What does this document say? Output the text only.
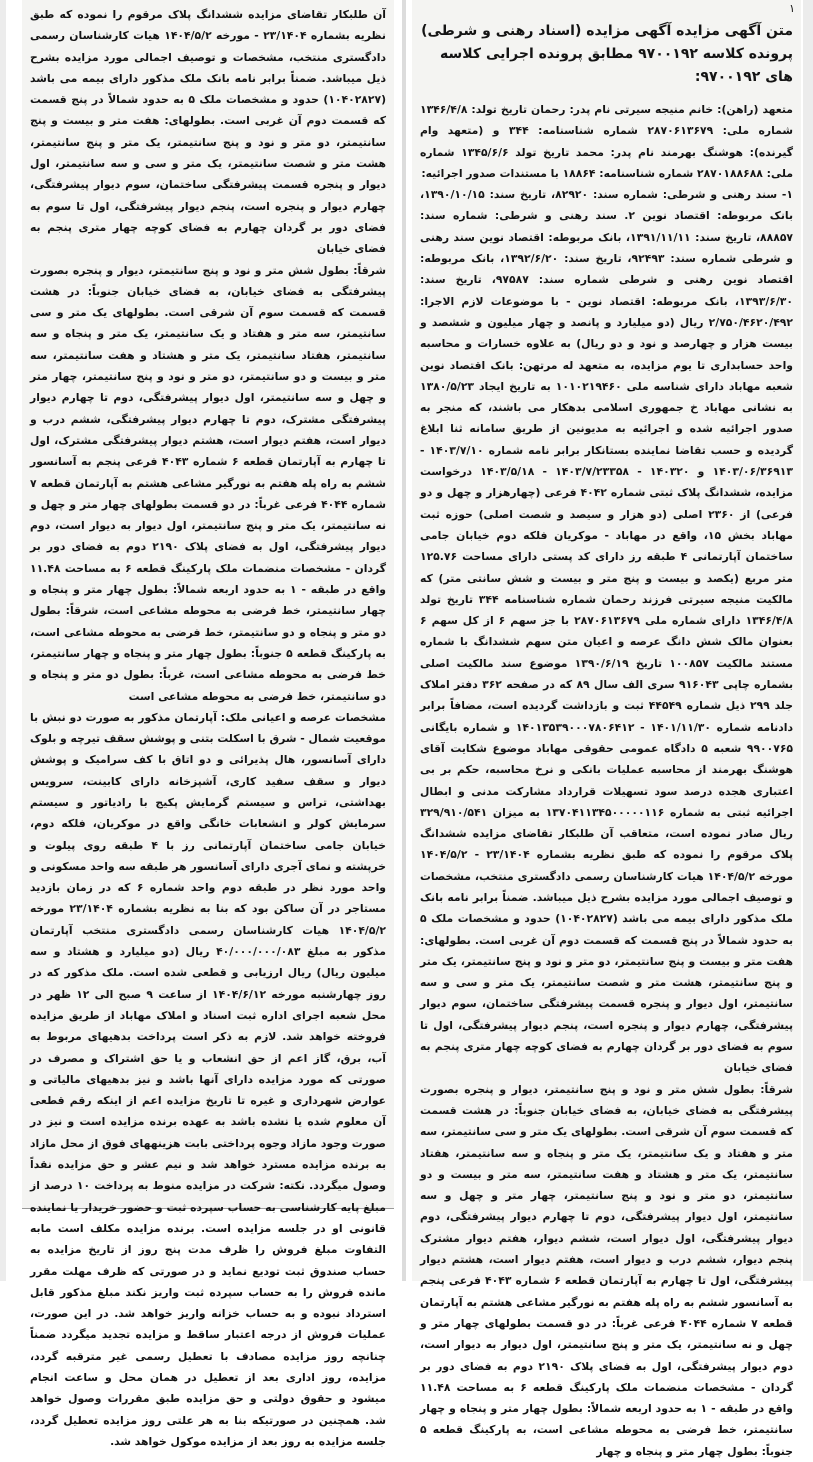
۱
متن آگهی مزایده آگهی مزایده (اسناد رهنی و شرطی) پرونده کلاسه ۹۷۰۰۱۹۲ مطابق پرونده اجرایی کلاسه های ۹۷۰۰۱۹۲:

متعهد (راهن): خانم منیجه سیرتی نام پدر: رحمان تاریخ تولد: ۱۳۴۶/۴/۸ شماره ملی: ۲۸۷۰۶۱۳۶۷۹ شماره شناسنامه: ۳۴۴ و (متعهد وام گیرنده): هوشنگ بهرمند نام پدر: محمد تاریخ تولد ۱۳۴۵/۶/۶ شماره ملی: ۲۸۷۰۱۸۸۶۸۸ شماره شناسنامه: ۱۸۸۶۴ با مستندات صدور اجرائیه:

۱- سند رهنی و شرطی: شماره سند: ۸۲۹۲۰، تاریخ سند: ۱۳۹۰/۱۰/۱۵، بانک مربوطه: اقتصاد نوین ۲. سند رهنی و شرطی: شماره سند: ۸۸۸۵۷، تاریخ سند: ۱۳۹۱/۱۱/۱۱، بانک مربوطه: اقتصاد نوین سند رهنی و شرطی شماره سند: ۹۲۴۹۳، تاریخ سند: ۱۳۹۲/۶/۲۰، بانک مربوطه: اقتصاد نوین رهنی و شرطی شماره سند: ۹۷۵۸۷، تاریخ سند: ۱۳۹۳/۶/۳۰، بانک مربوطه: اقتصاد نوین - با موضوعات لازم الاجرا: ۲/۷۵۰/۴۶۲۰/۴۹۲ ریال (دو میلیارد و پانصد و چهار میلیون و ششصد و بیست هزار و چهارصد و نود و دو ریال) به علاوه خسارات و محاسبه واحد حسابداری تا یوم مزایده، به متعهد له مرتهن: بانک اقتصاد نوین شعبه مهاباد دارای شناسه ملی ۱۰۱۰۲۱۹۴۶۰ به تاریخ ایجاد ۱۳۸۰/۵/۲۳ به نشانی مهاباد خ جمهوری اسلامی بدهکار می باشند، که منجر به صدور اجرائیه شده و اجرائیه به مدیونین از طریق سامانه ثنا ابلاغ گردیده و حسب تقاضا نماینده بستانکار برابر نامه شماره ۱۴۰۳/۷/۱۰ - ۱۴۰۳/۰۶/۳۶۹۱۳ و ۱۴۰۳۲۰ - ۱۴۰۳/۷/۲۳۳۵۸ - ۱۴۰۳/۵/۱۸ درخواست مزایده، ششدانگ پلاک ثبتی شماره ۴۰۴۲ فرعی (چهارهزار و چهل و دو فرعی) از ۲۳۶۰ اصلی (دو هزار و سیصد و شصت اصلی) حوزه ثبت مهاباد بخش ۱۵، واقع در مهاباد - موکریان فلکه دوم خیابان جامی ساختمان آپارتمانی ۴ طبقه رز دارای کد پستی دارای مساحت ۱۲۵.۷۶ متر مربع (یکصد و بیست و پنج متر و بیست و شش سانتی متر) که مالکیت منیجه سیرتی فرزند رحمان شماره شناسنامه ۳۴۴ تاریخ تولد ۱۳۴۶/۴/۸ دارای شماره ملی ۲۸۷۰۶۱۳۶۷۹ با جز سهم ۶ از کل سهم ۶ بعنوان مالک شش دانگ عرصه و اعیان متن سهم ششدانگ با شماره مستند مالکیت ۱۰۰۸۵۷ تاریخ ۱۳۹۰/۶/۱۹ موضوع سند مالکیت اصلی بشماره چاپی ۹۱۶۰۴۳ سری الف سال ۸۹ که در صفحه ۳۶۲ دفتر املاک جلد ۲۹۹ ذیل شماره ۴۴۵۴۹ ثبت و بازداشت گردیده است، مضافاً برابر دادنامه شماره ۱۴۰۱/۱۱/۳۰ - ۱۴۰۱۳۵۳۹۰۰۰۷۸۰۶۴۱۲ و شماره بایگانی ۹۹۰۰۷۶۵ شعبه ۵ دادگاه عمومی حقوقی مهاباد موضوع شکایت آقای هوشنگ بهرمند از محاسبه عملیات بانکی و نرخ محاسبه، حکم بر بی اعتباری هجده درصد سود تسهیلات قرارداد مشارکت مدنی و ابطال اجرائیه ثبتی به شماره ۱۳۷۰۴۱۱۳۴۵۰۰۰۰۰۱۱۶ به میزان ۳۲۹/۹۱۰/۵۴۱ ریال صادر نموده است، متعاقب آن طلبکار تقاضای مزایده ششدانگ پلاک مرقوم را نموده که طبق نظریه بشماره ۲۳/۱۴۰۴ - ۱۴۰۴/۵/۲ مورخه ۱۴۰۴/۵/۲ هیات کارشناسان رسمی دادگستری منتخب، مشخصات و توصیف اجمالی مورد مزایده بشرح ذیل میباشد. ضمناً برابر نامه بانک ملک مذکور دارای بیمه می باشد (۱۰۴۰۲۸۲۷) حدود و مشخصات ملک ۵ به حدود شمالاً در پنج قسمت که قسمت دوم آن غربی است. بطولهای: هفت متر و بیست و پنج سانتیمتر، دو متر و نود و پنج سانتیمتر، یک متر و پنج سانتیمتر، هشت متر و شصت سانتیمتر، یک متر و سی و سه سانتیمتر، اول دیوار و پنجره قسمت پیشرفتگی ساختمان، سوم دیوار پیشرفتگی، چهارم دیوار و پنجره است، پنجم دیوار پیشرفتگی، اول تا سوم به فضای دور بر گردان چهارم به فضای کوچه چهار متری پنجم به فضای خیابان

شرقاً: بطول شش متر و نود و پنج سانتیمتر، دیوار و پنجره بصورت پیشرفتگی به فضای خیابان، به فضای خیابان جنوباً: در هشت قسمت که قسمت سوم آن شرقی است. بطولهای یک متر و سی سانتیمتر، سه متر و هفتاد و یک سانتیمتر، یک متر و پنجاه و سه سانتیمتر، هفتاد سانتیمتر، یک متر و هشتاد و هفت سانتیمتر، سه متر و بیست و دو سانتیمتر، دو متر و نود و پنج سانتیمتر، چهار متر و چهل و سه سانتیمتر، اول دیوار پیشرفتگی، دوم تا چهارم دیوار پیشرفتگی، دوم دیوار پیشرفتگی، اول دیوار است، ششم دیوار، هفتم دیوار مشترک پنجم دیوار، ششم درب و دیوار است، هفتم دیوار است، هشتم دیوار پیشرفتگی، اول تا چهارم به آپارتمان قطعه ۶ شماره ۴۰۴۳ فرعی پنجم به آسانسور ششم به راه پله هفتم به نورگیر مشاعی هشتم به آپارتمان قطعه ۷ شماره ۴۰۴۴ فرعی غرباً: در دو قسمت بطولهای چهار متر و چهل و نه سانتیمتر، یک متر و پنج سانتیمتر، اول دیوار به دیوار است، دوم دیوار پیشرفتگی، اول به فضای پلاک ۲۱۹۰ دوم به فضای دور بر گردان - مشخصات منضمات ملک پارکینگ قطعه ۶ به مساحت ۱۱.۴۸ واقع در طبقه - ۱ به حدود اربعه شمالاً: بطول چهار متر و پنجاه و چهار سانتیمتر، خط فرضی به محوطه مشاعی است، به پارکینگ قطعه ۵ جنوباً: بطول چهار متر و پنجاه و چهار

آن طلبکار تقاضای مزایده ششدانگ پلاک مرقوم را نموده که طبق نظریه بشماره ۲۳/۱۴۰۴ - مورخه ۱۴۰۴/۵/۲ هیات کارشناسان رسمی دادگستری منتخب، مشخصات و توصیف اجمالی مورد مزایده بشرح ذیل میباشد. ضمناً برابر نامه بانک ملک مذکور دارای بیمه می باشد (۱۰۴۰۲۸۲۷) حدود و مشخصات ملک ۵ به حدود شمالاً در پنج قسمت که قسمت دوم آن غربی است. بطولهای: هفت متر و بیست و پنج سانتیمتر، دو متر و نود و پنج سانتیمتر، یک متر و پنج سانتیمتر، هشت متر و شصت سانتیمتر، یک متر و سی و سه سانتیمتر، اول دیوار و پنجره قسمت پیشرفتگی ساختمان، سوم دیوار پیشرفتگی، چهارم دیوار و پنجره است، پنجم دیوار پیشرفتگی، اول تا سوم به فضای دور بر گردان چهارم به فضای کوچه چهار متری پنجم به فضای خیابان

شرقاً: بطول شش متر و نود و پنج سانتیمتر، دیوار و پنجره بصورت پیشرفتگی به فضای خیابان، به فضای خیابان جنوباً: در هشت قسمت که قسمت سوم آن شرقی است. بطولهای یک متر و سی سانتیمتر، سه متر و هفتاد و یک سانتیمتر، یک متر و پنجاه و سه سانتیمتر، هفتاد سانتیمتر، یک متر و هشتاد و هفت سانتیمتر، سه متر و بیست و دو سانتیمتر، دو متر و نود و پنج سانتیمتر، چهار متر و چهل و سه سانتیمتر، اول دیوار پیشرفتگی، دوم تا چهارم دیوار پیشرفتگی مشترک، دوم تا چهارم دیوار پیشرفتگی، ششم درب و دیوار است، هفتم دیوار است، هشتم دیوار پیشرفتگی مشترک، اول تا چهارم به آپارتمان قطعه ۶ شماره ۴۰۴۳ فرعی پنجم به آسانسور ششم به راه پله هفتم به نورگیر مشاعی هشتم به آپارتمان قطعه ۷ شماره ۴۰۴۴ فرعی غرباً: در دو قسمت بطولهای چهار متر و چهل و نه سانتیمتر، یک متر و پنج سانتیمتر، اول دیوار به دیوار است، دوم دیوار پیشرفتگی، اول به فضای پلاک ۲۱۹۰ دوم به فضای دور بر گردان - مشخصات منضمات ملک پارکینگ قطعه ۶ به مساحت ۱۱.۴۸ واقع در طبقه - ۱ به حدود اربعه شمالاً: بطول چهار متر و پنجاه و چهار سانتیمتر، خط فرضی به محوطه مشاعی است، شرقاً: بطول دو متر و پنجاه و دو سانتیمتر، خط فرضی به محوطه مشاعی است، به پارکینگ قطعه ۵ جنوباً: بطول چهار متر و پنجاه و چهار سانتیمتر، خط فرضی به محوطه مشاعی است، غرباً: بطول دو متر و پنجاه و دو سانتیمتر، خط فرضی به محوطه مشاعی است

مشخصات عرصه و اعیانی ملک: آپارتمان مذکور به صورت دو نبش با موقعیت شمال - شرق با اسکلت بتنی و پوشش سقف تیرچه و بلوک دارای آسانسور، هال پذیرائی و دو اتاق با کف سرامیک و پوشش دیوار و سقف سفید کاری، آشپزخانه دارای کابینت، سرویس بهداشتی، تراس و سیستم گرمایش پکیج با رادیاتور و سیستم سرمایش کولر و انشعابات خانگی واقع در موکریان، فلکه دوم، خیابان جامی ساختمان آپارتمانی رز با ۴ طبقه روی پیلوت و خرپشته و نمای آجری دارای آسانسور هر طبقه سه واحد مسکونی و واحد مورد نظر در طبقه دوم واحد شماره ۶ که در زمان بازدید مستاجر در آن ساکن بود که بنا به نظریه بشماره ۲۳/۱۴۰۴ مورخه ۱۴۰۴/۵/۲ هیات کارشناسان رسمی دادگستری منتخب آپارتمان مذکور به مبلغ ۴۰/۰۰۰/۰۰۰/۰۸۳ ریال (دو میلیارد و هشتاد و سه میلیون ریال) ریال ارزیابی و قطعی شده است. ملک مذکور که در روز چهارشنبه مورخه ۱۴۰۴/۶/۱۲ از ساعت ۹ صبح الی ۱۲ ظهر در محل شعبه اجرای اداره ثبت اسناد و املاک مهاباد از طریق مزایده فروخته خواهد شد. لازم به ذکر است پرداخت بدهیهای مربوط به آب، برق، گاز اعم از حق انشعاب و یا حق اشتراک و مصرف در صورتی که مورد مزایده دارای آنها باشد و نیز بدهیهای مالیاتی و عوارض شهرداری و غیره تا تاریخ مزایده اعم از اینکه رقم قطعی آن معلوم شده یا نشده باشد به عهده برنده مزایده است و نیز در صورت وجود مازاد وجوه پرداختی بابت هزینههای فوق از محل مازاد به برنده مزایده مسترد خواهد شد و نیم عشر و حق مزایده نقداً وصول میگردد. نکته: شرکت در مزایده منوط به پرداخت ۱۰ درصد از مبلغ پایه کارشناسی به حساب سپرده ثبت و حضور خریدار یا نماینده قانونی او در جلسه مزایده است. برنده مزایده مکلف است مابه التفاوت مبلغ فروش را ظرف مدت پنج روز از تاریخ مزایده به حساب صندوق ثبت تودیع نماید و در صورتی که ظرف مهلت مقرر مانده فروش را به حساب سپرده ثبت واریز نکند مبلغ مذکور قابل استرداد نبوده و به حساب خزانه واریز خواهد شد. در این صورت، عملیات فروش از درجه اعتبار ساقط و مزایده تجدید میگردد ضمناً چنانچه روز مزایده مصادف با تعطیل رسمی غیر مترقبه گردد، مزایده، روز اداری بعد از تعطیل در همان محل و ساعت انجام میشود و حقوق دولتی و حق مزایده طبق مقررات وصول خواهد شد. همچنین در صورتیکه بنا به هر علتی روز مزایده تعطیل گردد، جلسه مزایده به روز بعد از مزایده موکول خواهد شد.
